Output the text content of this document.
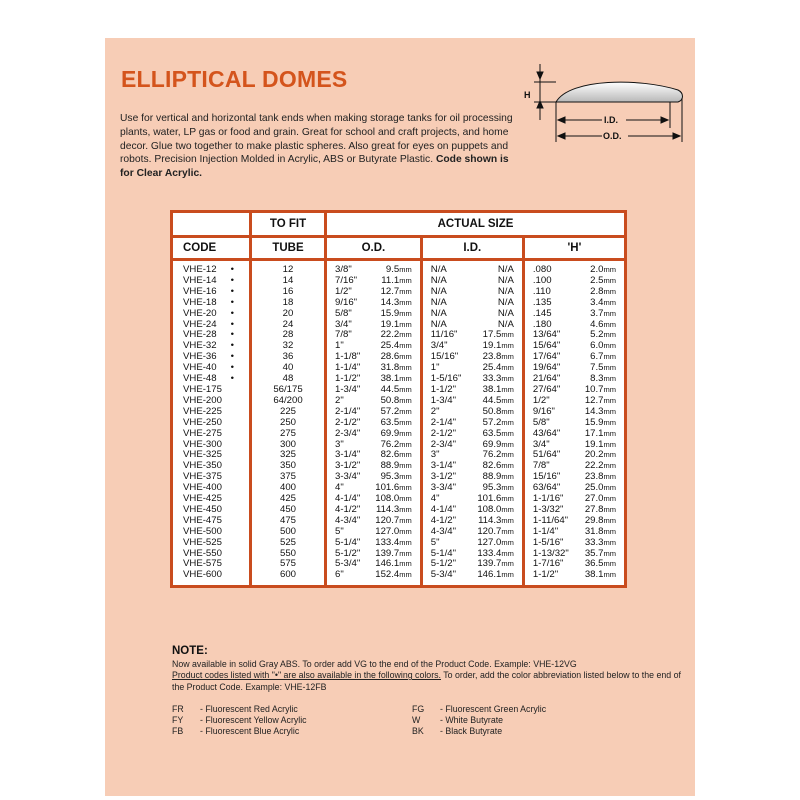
ELLIPTICAL DOMES
Use for vertical and horizontal tank ends when making storage tanks for oil processing plants, water, LP gas or food and grain. Great for school and craft projects, and home decor. Glue two together to make plastic spheres. Also great for eyes on puppets and robots. Precision Injection Molded in Acrylic, ABS or Butyrate Plastic. Code shown is for Clear Acrylic.
H
I.D.
O.D.
	TO FIT	ACTUAL SIZE					
CODE	TUBE	O.D.		I.D.		'H'	
VHE-12 •	12	3/8"	9.5mm	N/A	N/A	.080	2.0mm
VHE-14 •	14	7/16"	11.1mm	N/A	N/A	.100	2.5mm
VHE-16 •	16	1/2"	12.7mm	N/A	N/A	.110	2.8mm
VHE-18 •	18	9/16"	14.3mm	N/A	N/A	.135	3.4mm
VHE-20 •	20	5/8"	15.9mm	N/A	N/A	.145	3.7mm
VHE-24 •	24	3/4"	19.1mm	N/A	N/A	.180	4.6mm
VHE-28 •	28	7/8"	22.2mm	11/16"	17.5mm	13/64"	5.2mm
VHE-32 •	32	1"	25.4mm	3/4"	19.1mm	15/64"	6.0mm
VHE-36 •	36	1-1/8"	28.6mm	15/16"	23.8mm	17/64"	6.7mm
VHE-40 •	40	1-1/4"	31.8mm	1"	25.4mm	19/64"	7.5mm
VHE-48 •	48	1-1/2"	38.1mm	1-5/16"	33.3mm	21/64"	8.3mm
VHE-175	56/175	1-3/4"	44.5mm	1-1/2"	38.1mm	27/64"	10.7mm
VHE-200	64/200	2"	50.8mm	1-3/4"	44.5mm	1/2"	12.7mm
VHE-225	225	2-1/4"	57.2mm	2"	50.8mm	9/16"	14.3mm
VHE-250	250	2-1/2"	63.5mm	2-1/4"	57.2mm	5/8"	15.9mm
VHE-275	275	2-3/4"	69.9mm	2-1/2"	63.5mm	43/64"	17.1mm
VHE-300	300	3"	76.2mm	2-3/4"	69.9mm	3/4"	19.1mm
VHE-325	325	3-1/4"	82.6mm	3"	76.2mm	51/64"	20.2mm
VHE-350	350	3-1/2"	88.9mm	3-1/4"	82.6mm	7/8"	22.2mm
VHE-375	375	3-3/4"	95.3mm	3-1/2"	88.9mm	15/16"	23.8mm
VHE-400	400	4"	101.6mm	3-3/4"	95.3mm	63/64"	25.0mm
VHE-425	425	4-1/4"	108.0mm	4"	101.6mm	1-1/16"	27.0mm
VHE-450	450	4-1/2"	114.3mm	4-1/4"	108.0mm	1-3/32"	27.8mm
VHE-475	475	4-3/4"	120.7mm	4-1/2"	114.3mm	1-11/64"	29.8mm
VHE-500	500	5"	127.0mm	4-3/4"	120.7mm	1-1/4"	31.8mm
VHE-525	525	5-1/4"	133.4mm	5"	127.0mm	1-5/16"	33.3mm
VHE-550	550	5-1/2"	139.7mm	5-1/4"	133.4mm	1-13/32"	35.7mm
VHE-575	575	5-3/4"	146.1mm	5-1/2"	139.7mm	1-7/16"	36.5mm
VHE-600	600	6"	152.4mm	5-3/4"	146.1mm	1-1/2"	38.1mm
NOTE:
Now available in solid Gray ABS. To order add VG to the end of the Product Code. Example: VHE-12VG
Product codes listed with "•" are also available in the following colors. To order, add the color abbreviation listed below to the end of the Product Code. Example: VHE-12FB
FR - Fluorescent Red Acrylic
FY - Fluorescent Yellow Acrylic
FB - Fluorescent Blue Acrylic
FG - Fluorescent Green Acrylic
W - White Butyrate
BK - Black Butyrate
